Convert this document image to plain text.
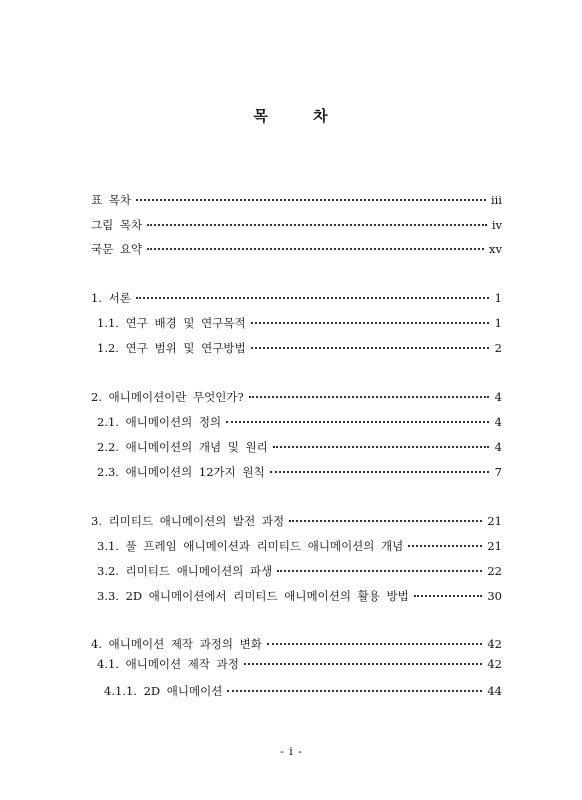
목 차
표 목차	iii
그림 목차	iv
국문 요약	xv
1. 서론	1
1.1. 연구 배경 및 연구목적	1
1.2. 연구 범위 및 연구방법	2
2. 애니메이션이란 무엇인가?	4
2.1. 애니메이션의 정의	4
2.2. 애니메이션의 개념 및 원리	4
2.3. 애니메이션의 12가지 원칙	7
3. 리미티드 애니메이션의 발전 과정	21
3.1. 풀 프레임 애니메이션과 리미티드 애니메이션의 개념	21
3.2. 리미티드 애니메이션의 파생	22
3.3. 2D 애니메이션에서 리미티드 애니메이션의 활용 방법	30
4. 애니메이션 제작 과정의 변화	42
4.1. 애니메이션 제작 과정	42
4.1.1. 2D 애니메이션	44
- i -
